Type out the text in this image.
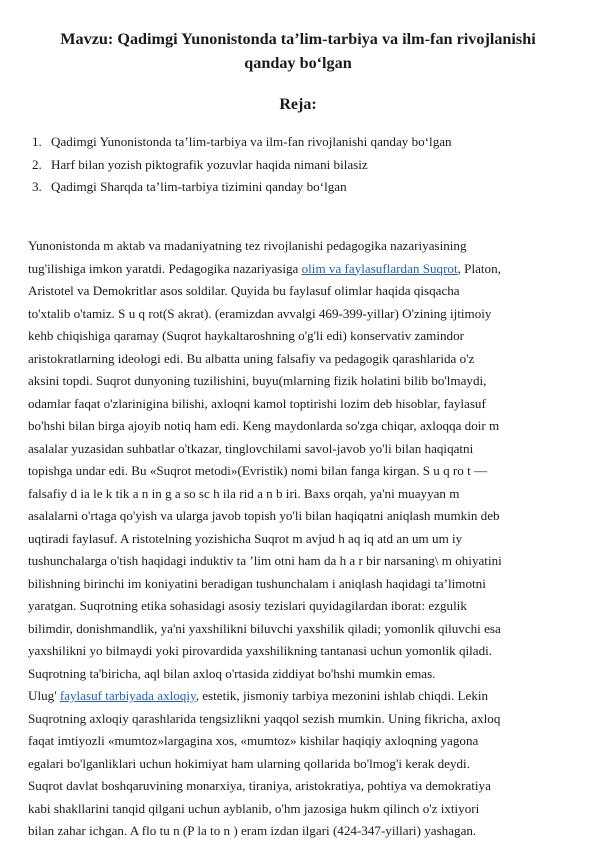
Mavzu: Qadimgi Yunonistonda ta’lim-tarbiya va ilm-fan rivojlanishi
qanday bo‘lgan
Reja:
1. Qadimgi Yunonistonda ta’lim-tarbiya va ilm-fan rivojlanishi qanday bo‘lgan
2. Harf bilan yozish piktografik yozuvlar haqida nimani bilasiz
3. Qadimgi Sharqda ta’lim-tarbiya tizimini qanday bo‘lgan
Yunonistonda m aktab va madaniyatning tez rivojlanishi pedagogika nazariyasining
tug'ilishiga imkon yaratdi. Pedagogika nazariyasiga olim va faylasuflardan Suqrot, Platon,
Aristotel va Demokritlar asos soldilar. Quyida bu faylasuf olimlar haqida qisqacha
to'xtalib o'tamiz. S u q rot(S akrat). (eramizdan avvalgi 469-399-yillar) O'zining ijtimoiy
kehb chiqishiga qaramay (Suqrot haykaltaroshning o'g'li edi) konservativ zamindor
aristokratlarning ideologi edi. Bu albatta uning falsafiy va pedagogik qarashlarida o'z
aksini topdi. Suqrot dunyoning tuzilishini, buyu(mlarning fizik holatini bilib bo'lmaydi,
odamlar faqat o'zlarinigina bilishi, axloqni kamol toptirishi lozim deb hisoblar, faylasuf
bo'hshi bilan birga ajoyib notiq ham edi. Keng maydonlarda so'zga chiqar, axloqqa doir m
asalalar yuzasidan suhbatlar o'tkazar, tinglovchilami savol-javob yo'li bilan haqiqatni
topishga undar edi. Bu «Suqrot metodi»(Evristik) nomi bilan fanga kirgan. S u q ro t —
falsafiy d ia le k tik a n in g a so sc h ila rid a n b iri. Baxs orqah, ya'ni muayyan m
asalalarni o'rtaga qo'yish va ularga javob topish yo'li bilan haqiqatni aniqlash mumkin deb
uqtiradi faylasuf. A ristotelning yozishicha Suqrot m avjud h aq iq atd an um um iy
tushunchalarga o'tish haqidagi induktiv ta ’lim otni ham da h a r bir narsaning\ m ohiyatini
bilishning birinchi im koniyatini beradigan tushunchalam i aniqlash haqidagi ta’limotni
yaratgan. Suqrotning etika sohasidagi asosiy tezislari quyidagilardan iborat: ezgulik
bilimdir, donishmandlik, ya'ni yaxshilikni biluvchi yaxshilik qiladi; yomonlik qiluvchi esa
yaxshilikni yo bilmaydi yoki pirovardida yaxshilikning tantanasi uchun yomonlik qiladi.
Suqrotning ta'biricha, aql bilan axloq o'rtasida ziddiyat bo'hshi mumkin emas.
Ulug' faylasuf tarbiyada axloqiy, estetik, jismoniy tarbiya mezonini ishlab chiqdi. Lekin
Suqrotning axloqiy qarashlarida tengsizlikni yaqqol sezish mumkin. Uning fikricha, axloq
faqat imtiyozli «mumtoz»largagina xos, «mumtoz» kishilar haqiqiy axloqning yagona
egalari bo'lganliklari uchun hokimiyat ham ularning qollarida bo'lmog'i kerak deydi.
Suqrot davlat boshqaruvining monarxiya, tiraniya, aristokratiya, pohtiya va demokratiya
kabi shakllarini tanqid qilgani uchun ayblanib, o'hm jazosiga hukm qilinch o'z ixtiyori
bilan zahar ichgan. A flo tu n (P la to n ) eram izdan ilgari (424-347-yillari) yashagan.
